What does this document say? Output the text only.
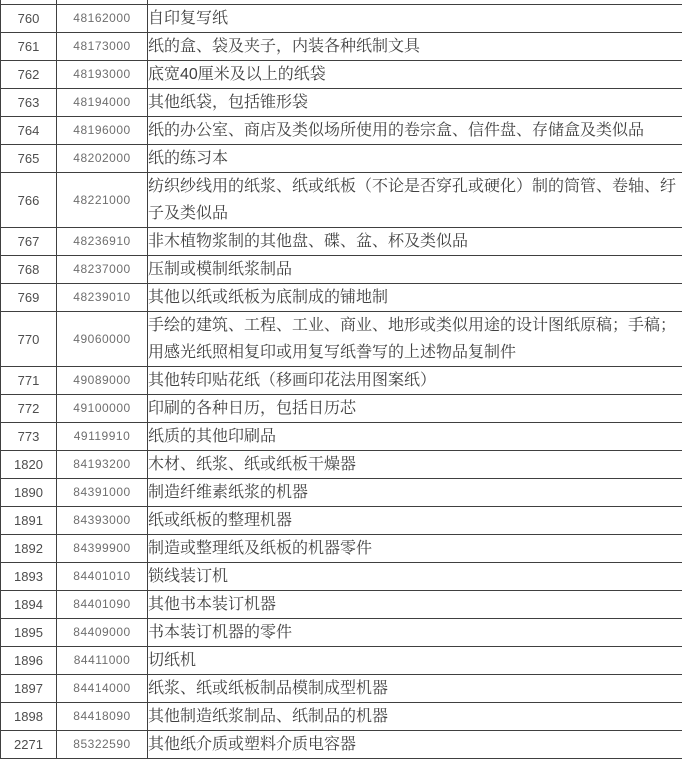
760	48162000	自印复写纸
761	48173000	纸的盒、袋及夹子，内装各种纸制文具
762	48193000	底宽40厘米及以上的纸袋
763	48194000	其他纸袋，包括锥形袋
764	48196000	纸的办公室、商店及类似场所使用的卷宗盒、信件盘、存储盒及类似品
765	48202000	纸的练习本
766	48221000	纺织纱线用的纸浆、纸或纸板（不论是否穿孔或硬化）制的筒管、卷轴、纡子及类似品
767	48236910	非木植物浆制的其他盘、碟、盆、杯及类似品
768	48237000	压制或模制纸浆制品
769	48239010	其他以纸或纸板为底制成的铺地制
770	49060000	手绘的建筑、工程、工业、商业、地形或类似用途的设计图纸原稿；手稿；用感光纸照相复印或用复写纸誊写的上述物品复制件
771	49089000	其他转印贴花纸（移画印花法用图案纸）
772	49100000	印刷的各种日历，包括日历芯
773	49119910	纸质的其他印刷品
1820	84193200	木材、纸浆、纸或纸板干燥器
1890	84391000	制造纤维素纸浆的机器
1891	84393000	纸或纸板的整理机器
1892	84399900	制造或整理纸及纸板的机器零件
1893	84401010	锁线装订机
1894	84401090	其他书本装订机器
1895	84409000	书本装订机器的零件
1896	84411000	切纸机
1897	84414000	纸浆、纸或纸板制品模制成型机器
1898	84418090	其他制造纸浆制品、纸制品的机器
2271	85322590	其他纸介质或塑料介质电容器
